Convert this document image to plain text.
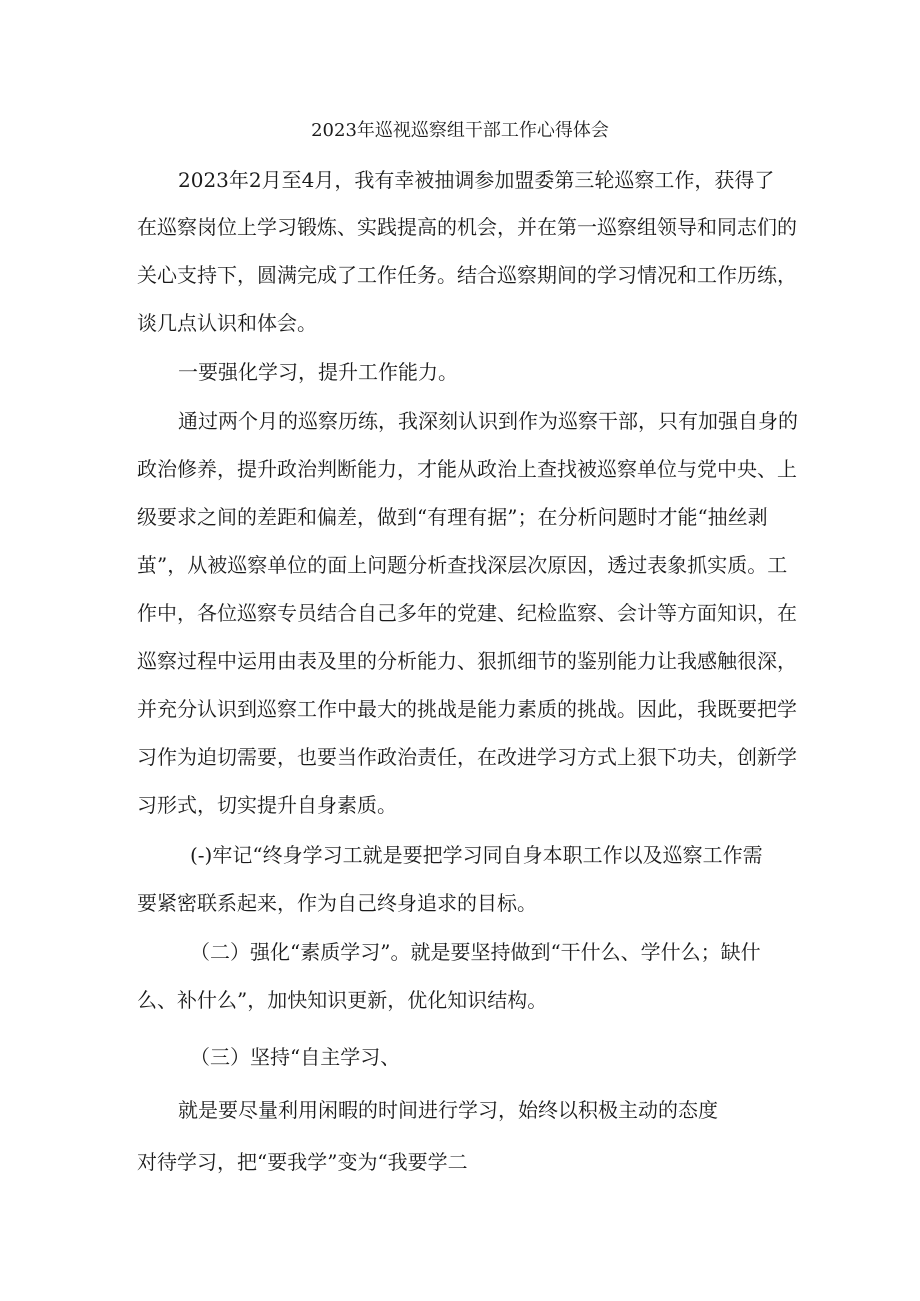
2023年巡视巡察组干部工作心得体会
2023年2月至4月，我有幸被抽调参加盟委第三轮巡察工作，获得了
在巡察岗位上学习锻炼、实践提高的机会，并在第一巡察组领导和同志们的
关心支持下，圆满完成了工作任务。结合巡察期间的学习情况和工作历练，
谈几点认识和体会。
一要强化学习，提升工作能力。
通过两个月的巡察历练，我深刻认识到作为巡察干部，只有加强自身的
政治修养，提升政治判断能力，才能从政治上查找被巡察单位与党中央、上
级要求之间的差距和偏差，做到“有理有据”；在分析问题时才能“抽丝剥
茧”，从被巡察单位的面上问题分析查找深层次原因，透过表象抓实质。工
作中，各位巡察专员结合自己多年的党建、纪检监察、会计等方面知识，在
巡察过程中运用由表及里的分析能力、狠抓细节的鉴别能力让我感触很深，
并充分认识到巡察工作中最大的挑战是能力素质的挑战。因此，我既要把学
习作为迫切需要，也要当作政治责任，在改进学习方式上狠下功夫，创新学
习形式，切实提升自身素质。
(-)牢记“终身学习工就是要把学习同自身本职工作以及巡察工作需
要紧密联系起来，作为自己终身追求的目标。
（二）强化“素质学习”。就是要坚持做到“干什么、学什么；缺什
么、补什么”，加快知识更新，优化知识结构。
（三）坚持“自主学习、
就是要尽量利用闲暇的时间进行学习，始终以积极主动的态度
对待学习，把“要我学”变为“我要学二
